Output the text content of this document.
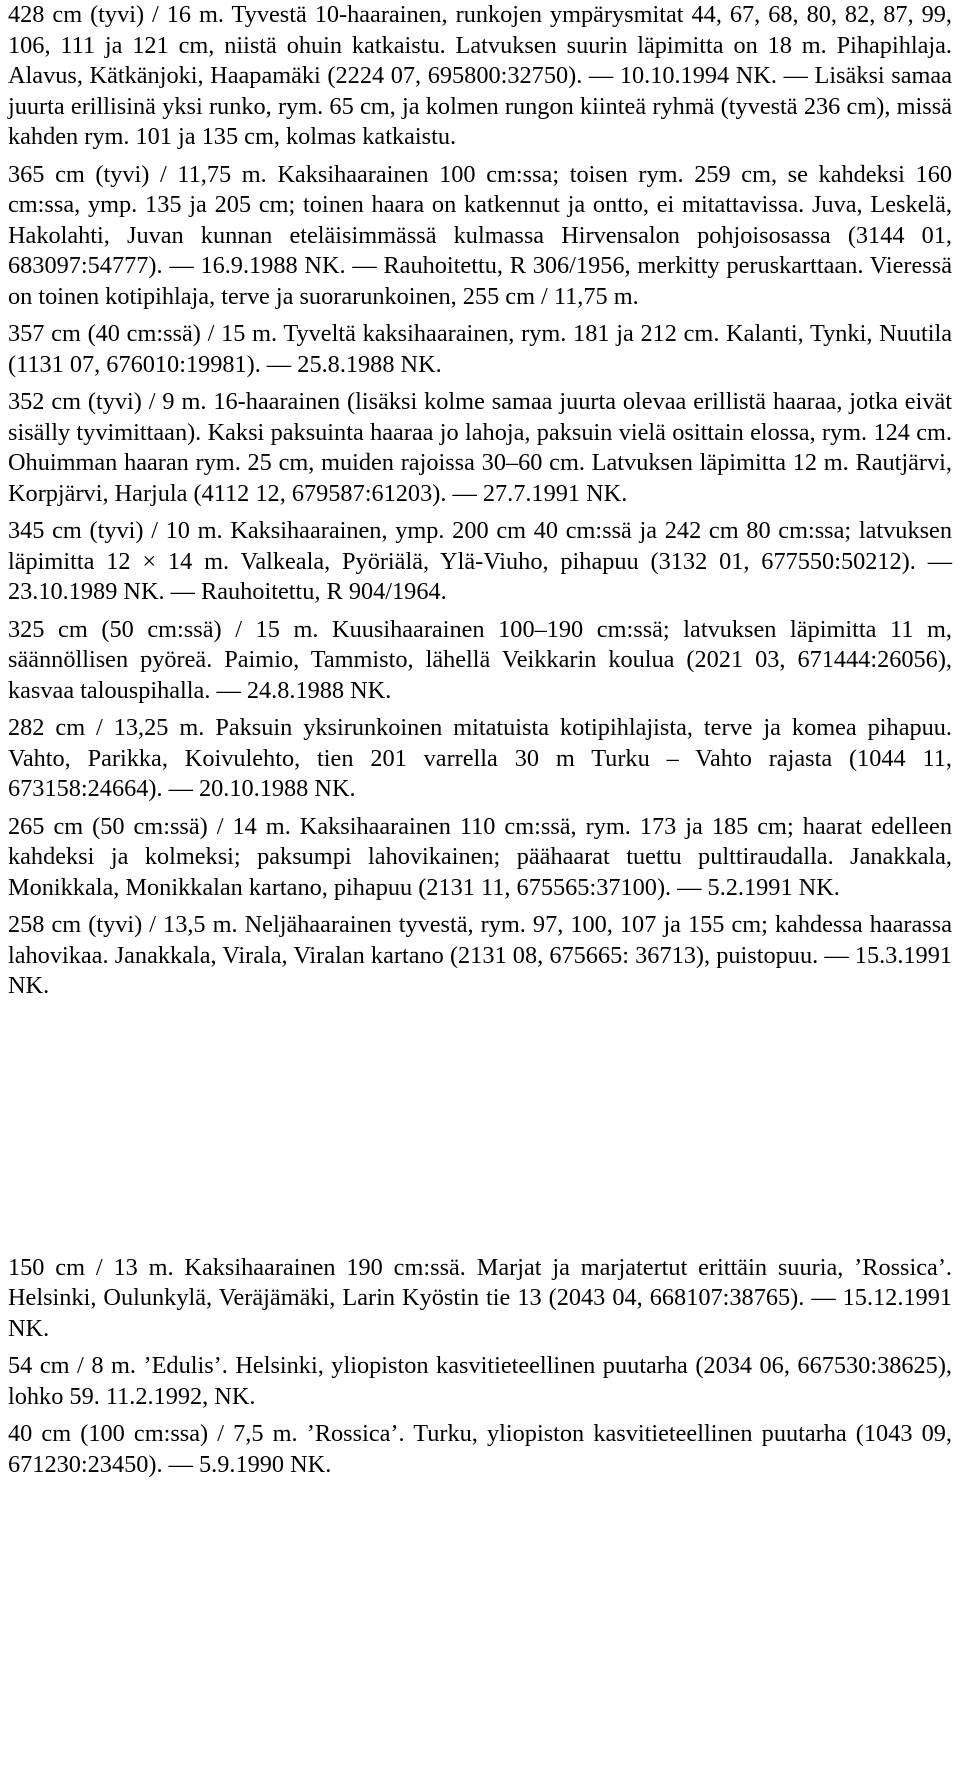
428 cm (tyvi) / 16 m. Tyvestä 10-haarainen, runkojen ympärysmitat 44, 67, 68, 80, 82, 87, 99, 106, 111 ja 121 cm, niistä ohuin katkaistu. Latvuksen suurin läpimitta on 18 m. Pihapihlaja. Alavus, Kätkänjoki, Haapamäki (2224 07, 695800:32750). — 10.10.1994 NK. — Lisäksi samaa juurta erillisinä yksi runko, rym. 65 cm, ja kolmen rungon kiinteä ryhmä (tyvestä 236 cm), missä kahden rym. 101 ja 135 cm, kolmas katkaistu.

365 cm (tyvi) / 11,75 m. Kaksihaarainen 100 cm:ssa; toisen rym. 259 cm, se kahdeksi 160 cm:ssa, ymp. 135 ja 205 cm; toinen haara on katkennut ja ontto, ei mitattavissa. Juva, Leskelä, Hakolahti, Juvan kunnan eteläisimmässä kulmassa Hirvensalon pohjoisosassa (3144 01, 683097:54777). — 16.9.1988 NK. — Rauhoitettu, R 306/1956, merkitty peruskarttaan. Vieressä on toinen kotipihlaja, terve ja suorarunkoinen, 255 cm / 11,75 m.

357 cm (40 cm:ssä) / 15 m. Tyveltä kaksihaarainen, rym. 181 ja 212 cm. Kalanti, Tynki, Nuutila (1131 07, 676010:19981). — 25.8.1988 NK.

352 cm (tyvi) / 9 m. 16-haarainen (lisäksi kolme samaa juurta olevaa erillistä haaraa, jotka eivät sisälly tyvimittaan). Kaksi paksuinta haaraa jo lahoja, paksuin vielä osittain elossa, rym. 124 cm. Ohuimman haaran rym. 25 cm, muiden rajoissa 30–60 cm. Latvuksen läpimitta 12 m. Rautjärvi, Korpjärvi, Harjula (4112 12, 679587:61203). — 27.7.1991 NK.

345 cm (tyvi) / 10 m. Kaksihaarainen, ymp. 200 cm 40 cm:ssä ja 242 cm 80 cm:ssa; latvuksen läpimitta 12 × 14 m. Valkeala, Pyöriälä, Ylä-Viuho, pihapuu (3132 01, 677550:50212). — 23.10.1989 NK. — Rauhoitettu, R 904/1964.

325 cm (50 cm:ssä) / 15 m. Kuusihaarainen 100–190 cm:ssä; latvuksen läpimitta 11 m, säännöllisen pyöreä. Paimio, Tammisto, lähellä Veikkarin koulua (2021 03, 671444:26056), kasvaa talouspihalla. — 24.8.1988 NK.

282 cm / 13,25 m. Paksuin yksirunkoinen mitatuista kotipihlajista, terve ja komea pihapuu. Vahto, Parikka, Koivulehto, tien 201 varrella 30 m Turku – Vahto rajasta (1044 11, 673158:24664). — 20.10.1988 NK.

265 cm (50 cm:ssä) / 14 m. Kaksihaarainen 110 cm:ssä, rym. 173 ja 185 cm; haarat edelleen kahdeksi ja kolmeksi; paksumpi lahovikainen; päähaarat tuettu pulttiraudalla. Janakkala, Monikkala, Monikkalan kartano, pihapuu (2131 11, 675565:37100). — 5.2.1991 NK.

258 cm (tyvi) / 13,5 m. Neljähaarainen tyvestä, rym. 97, 100, 107 ja 155 cm; kahdessa haarassa lahovikaa. Janakkala, Virala, Viralan kartano (2131 08, 675665: 36713), puistopuu. — 15.3.1991 NK.

150 cm / 13 m. Kaksihaarainen 190 cm:ssä. Marjat ja marjatertut erittäin suuria, ’Rossica’. Helsinki, Oulunkylä, Veräjämäki, Larin Kyöstin tie 13 (2043 04, 668107:38765). — 15.12.1991 NK.

54 cm / 8 m. ’Edulis’. Helsinki, yliopiston kasvitieteellinen puutarha (2034 06, 667530:38625), lohko 59. 11.2.1992, NK.

40 cm (100 cm:ssa) / 7,5 m. ’Rossica’. Turku, yliopiston kasvitieteellinen puutarha (1043 09, 671230:23450). — 5.9.1990 NK.
